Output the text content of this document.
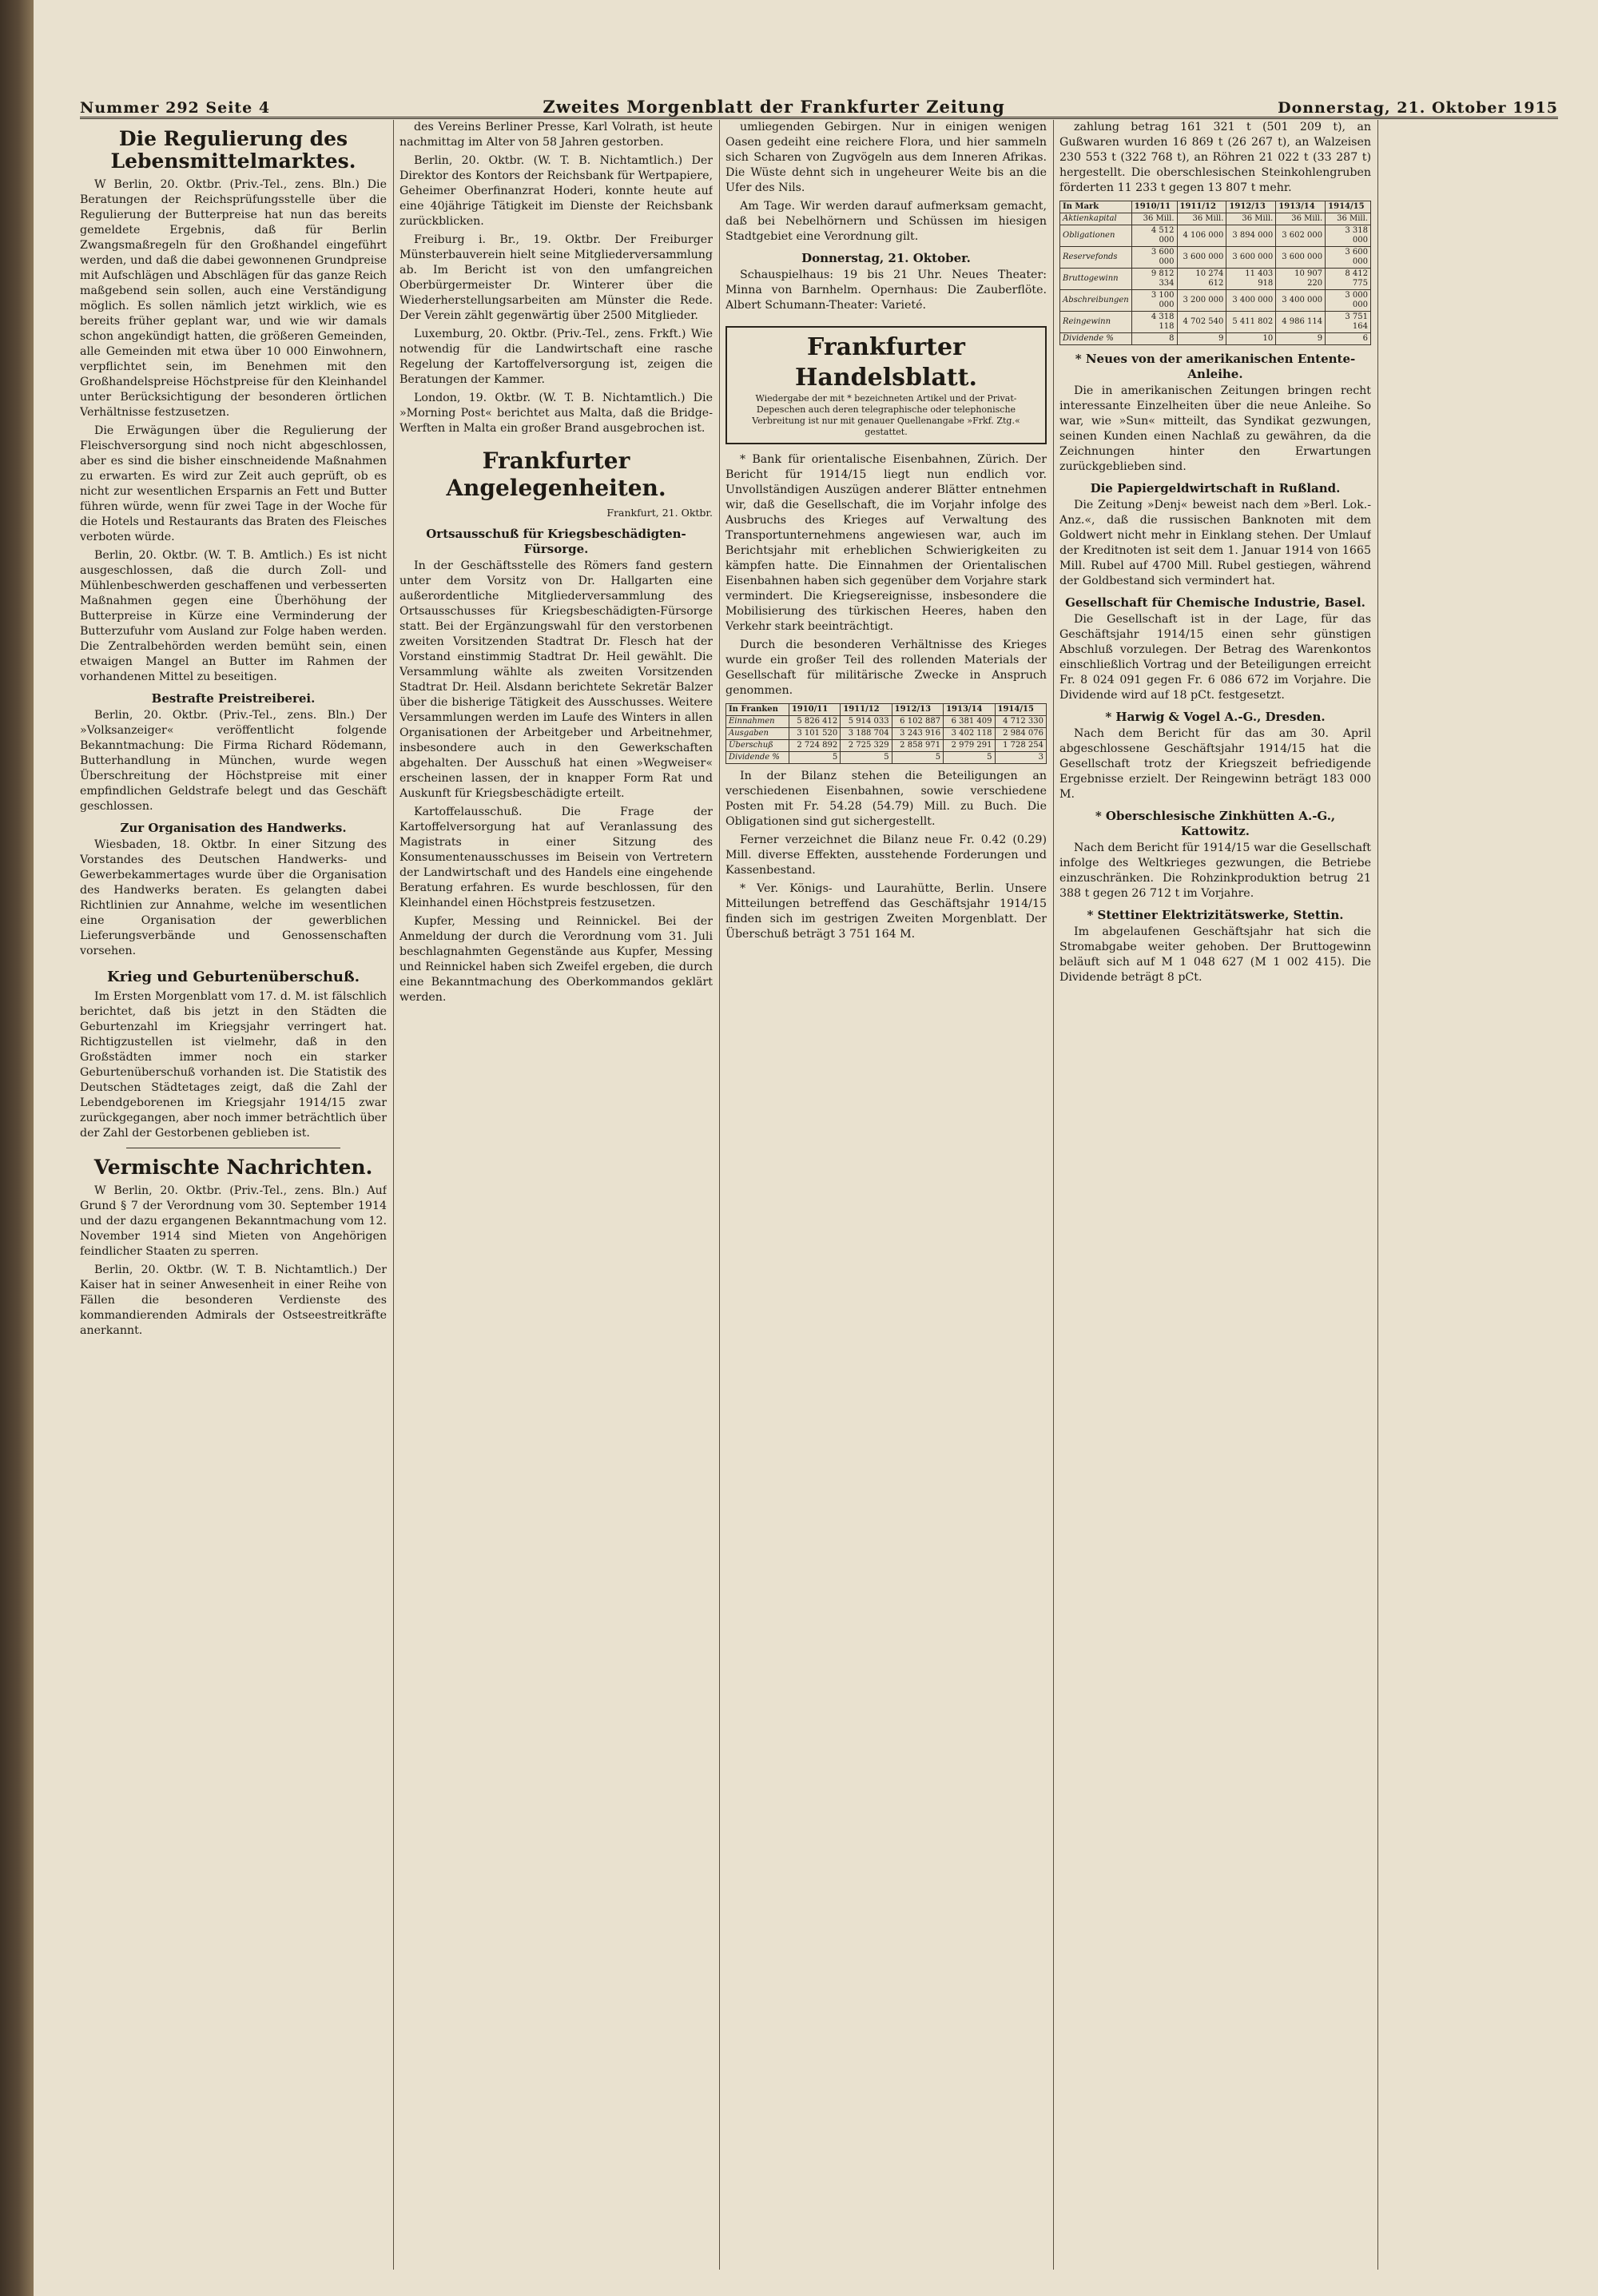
Nummer 292 Seite 4	Zweites Morgenblatt der Frankfurter Zeitung	Donnerstag, 21. Oktober 1915
Die Regulierung des Lebensmittelmarktes.

W Berlin, 20. Oktbr. (Priv.-Tel., zens. Bln.) Die Beratungen der Reichsprüfungsstelle über die Regulierung der Butterpreise hat nun das bereits gemeldete Ergebnis, daß für Berlin Zwangsmaßregeln für den Großhandel eingeführt werden, und daß die dabei gewonnenen Grundpreise mit Aufschlägen und Abschlägen für das ganze Reich maßgebend sein sollen, auch eine Verständigung möglich. Es sollen nämlich jetzt wirklich, wie es bereits früher geplant war, und wie wir damals schon angekündigt hatten, die größeren Gemeinden, alle Gemeinden mit etwa über 10 000 Einwohnern, verpflichtet sein, im Benehmen mit den Großhandelspreise Höchstpreise für den Kleinhandel unter Berücksichtigung der besonderen örtlichen Verhältnisse festzusetzen.

Die Erwägungen über die Regulierung der Fleischversorgung sind noch nicht abgeschlossen, aber es sind die bisher einschneidende Maßnahmen zu erwarten. Es wird zur Zeit auch geprüft, ob es nicht zur wesentlichen Ersparnis an Fett und Butter führen würde, wenn für zwei Tage in der Woche für die Hotels und Restaurants das Braten des Fleisches verboten würde.

Berlin, 20. Oktbr. (W. T. B. Amtlich.) Es ist nicht ausgeschlossen, daß die durch Zoll- und Mühlenbeschwerden geschaffenen und verbesserten Maßnahmen gegen eine Überhöhung der Butterpreise in Kürze eine Verminderung der Butterzufuhr vom Ausland zur Folge haben werden. Die Zentralbehörden werden bemüht sein, einen etwaigen Mangel an Butter im Rahmen der vorhandenen Mittel zu beseitigen.

Bestrafte Preistreiberei.

Berlin, 20. Oktbr. (Priv.-Tel., zens. Bln.) Der »Volksanzeiger« veröffentlicht folgende Bekanntmachung: Die Firma Richard Rödemann, Butterhandlung in München, wurde wegen Überschreitung der Höchstpreise mit einer empfindlichen Geldstrafe belegt und das Geschäft geschlossen.

Zur Organisation des Handwerks.

Wiesbaden, 18. Oktbr. In einer Sitzung des Vorstandes des Deutschen Handwerks- und Gewerbekammertages wurde über die Organisation des Handwerks beraten. Es gelangten dabei Richtlinien zur Annahme, welche im wesentlichen eine Organisation der gewerblichen Lieferungsverbände und Genossenschaften vorsehen.

Krieg und Geburtenüberschuß.

Im Ersten Morgenblatt vom 17. d. M. ist fälschlich berichtet, daß bis jetzt in den Städten die Geburtenzahl im Kriegsjahr verringert hat. Richtigzustellen ist vielmehr, daß in den Großstädten immer noch ein starker Geburtenüberschuß vorhanden ist. Die Statistik des Deutschen Städtetages zeigt, daß die Zahl der Lebendgeborenen im Kriegsjahr 1914/15 zwar zurückgegangen, aber noch immer beträchtlich über der Zahl der Gestorbenen geblieben ist.

Vermischte Nachrichten.

W Berlin, 20. Oktbr. (Priv.-Tel., zens. Bln.) Auf Grund § 7 der Verordnung vom 30. September 1914 und der dazu ergangenen Bekanntmachung vom 12. November 1914 sind Mieten von Angehörigen feindlicher Staaten zu sperren.

Berlin, 20. Oktbr. (W. T. B. Nichtamtlich.) Der Kaiser hat in seiner Anwesenheit in einer Reihe von Fällen die besonderen Verdienste des kommandierenden Admirals der Ostseestreitkräfte anerkannt.

des Vereins Berliner Presse, Karl Volrath, ist heute nachmittag im Alter von 58 Jahren gestorben.

Berlin, 20. Oktbr. (W. T. B. Nichtamtlich.) Der Direktor des Kontors der Reichsbank für Wertpapiere, Geheimer Oberfinanzrat Hoderi, konnte heute auf eine 40jährige Tätigkeit im Dienste der Reichsbank zurückblicken.

Freiburg i. Br., 19. Oktbr. Der Freiburger Münsterbauverein hielt seine Mitgliederversammlung ab. Im Bericht ist von den umfangreichen Oberbürgermeister Dr. Winterer über die Wiederherstellungsarbeiten am Münster die Rede. Der Verein zählt gegenwärtig über 2500 Mitglieder.

Luxemburg, 20. Oktbr. (Priv.-Tel., zens. Frkft.) Wie notwendig für die Landwirtschaft eine rasche Regelung der Kartoffelversorgung ist, zeigen die Beratungen der Kammer.

London, 19. Oktbr. (W. T. B. Nichtamtlich.) Die »Morning Post« berichtet aus Malta, daß die Bridge-Werften in Malta ein großer Brand ausgebrochen ist.

Frankfurter Angelegenheiten.
Frankfurt, 21. Oktbr.
Ortsausschuß für Kriegsbeschädigten-Fürsorge.

In der Geschäftsstelle des Römers fand gestern unter dem Vorsitz von Dr. Hallgarten eine außerordentliche Mitgliederversammlung des Ortsausschusses für Kriegsbeschädigten-Fürsorge statt. Bei der Ergänzungswahl für den verstorbenen zweiten Vorsitzenden Stadtrat Dr. Flesch hat der Vorstand einstimmig Stadtrat Dr. Heil gewählt. Die Versammlung wählte als zweiten Vorsitzenden Stadtrat Dr. Heil. Alsdann berichtete Sekretär Balzer über die bisherige Tätigkeit des Ausschusses. Weitere Versammlungen werden im Laufe des Winters in allen Organisationen der Arbeitgeber und Arbeitnehmer, insbesondere auch in den Gewerkschaften abgehalten. Der Ausschuß hat einen »Wegweiser« erscheinen lassen, der in knapper Form Rat und Auskunft für Kriegsbeschädigte erteilt.

Kartoffelausschuß. Die Frage der Kartoffelversorgung hat auf Veranlassung des Magistrats in einer Sitzung des Konsumentenausschusses im Beisein von Vertretern der Landwirtschaft und des Handels eine eingehende Beratung erfahren. Es wurde beschlossen, für den Kleinhandel einen Höchstpreis festzusetzen.

Kupfer, Messing und Reinnickel. Bei der Anmeldung der durch die Verordnung vom 31. Juli beschlagnahmten Gegenstände aus Kupfer, Messing und Reinnickel haben sich Zweifel ergeben, die durch eine Bekanntmachung des Oberkommandos geklärt werden.

umliegenden Gebirgen. Nur in einigen wenigen Oasen gedeiht eine reichere Flora, und hier sammeln sich Scharen von Zugvögeln aus dem Inneren Afrikas. Die Wüste dehnt sich in ungeheurer Weite bis an die Ufer des Nils.

Am Tage. Wir werden darauf aufmerksam gemacht, daß bei Nebelhörnern und Schüssen im hiesigen Stadtgebiet eine Verordnung gilt.

Donnerstag, 21. Oktober.

Schauspielhaus: 19 bis 21 Uhr. Neues Theater: Minna von Barnhelm. Opernhaus: Die Zauberflöte. Albert Schumann-Theater: Varieté.

Frankfurter Handelsblatt.
Wiedergabe der mit * bezeichneten Artikel und der Privat-Depeschen auch deren telegraphische oder telephonische Verbreitung ist nur mit genauer Quellenangabe »Frkf. Ztg.« gestattet.

* Bank für orientalische Eisenbahnen, Zürich. Der Bericht für 1914/15 liegt nun endlich vor. Unvollständigen Auszügen anderer Blätter entnehmen wir, daß die Gesellschaft, die im Vorjahr infolge des Ausbruchs des Krieges auf Verwaltung des Transportunternehmens angewiesen war, auch im Berichtsjahr mit erheblichen Schwierigkeiten zu kämpfen hatte. Die Einnahmen der Orientalischen Eisenbahnen haben sich gegenüber dem Vorjahre stark vermindert. Die Kriegsereignisse, insbesondere die Mobilisierung des türkischen Heeres, haben den Verkehr stark beeinträchtigt.

Durch die besonderen Verhältnisse des Krieges wurde ein großer Teil des rollenden Materials der Gesellschaft für militärische Zwecke in Anspruch genommen.

In Franken	1910/11	1911/12	1912/13	1913/14	1914/15
Einnahmen	5 826 412	5 914 033	6 102 887	6 381 409	4 712 330
Ausgaben	3 101 520	3 188 704	3 243 916	3 402 118	2 984 076
Überschuß	2 724 892	2 725 329	2 858 971	2 979 291	1 728 254
Dividende %	5	5	5	5	3

In der Bilanz stehen die Beteiligungen an verschiedenen Eisenbahnen, sowie verschiedene Posten mit Fr. 54.28 (54.79) Mill. zu Buch. Die Obligationen sind gut sichergestellt.

Ferner verzeichnet die Bilanz neue Fr. 0.42 (0.29) Mill. diverse Effekten, ausstehende Forderungen und Kassenbestand.

* Ver. Königs- und Laurahütte, Berlin. Unsere Mitteilungen betreffend das Geschäftsjahr 1914/15 finden sich im gestrigen Zweiten Morgenblatt. Der Überschuß beträgt 3 751 164 M.

zahlung betrag 161 321 t (501 209 t), an Gußwaren wurden 16 869 t (26 267 t), an Walzeisen 230 553 t (322 768 t), an Röhren 21 022 t (33 287 t) hergestellt. Die oberschlesischen Steinkohlengruben förderten 11 233 t gegen 13 807 t mehr.

In Mark	1910/11	1911/12	1912/13	1913/14	1914/15
Aktienkapital	36 Mill.	36 Mill.	36 Mill.	36 Mill.	36 Mill.
Obligationen	4 512 000	4 106 000	3 894 000	3 602 000	3 318 000
Reservefonds	3 600 000	3 600 000	3 600 000	3 600 000	3 600 000
Bruttogewinn	9 812 334	10 274 612	11 403 918	10 907 220	8 412 775
Abschreibungen	3 100 000	3 200 000	3 400 000	3 400 000	3 000 000
Reingewinn	4 318 118	4 702 540	5 411 802	4 986 114	3 751 164
Dividende %	8	9	10	9	6
* Neues von der amerikanischen Entente-Anleihe.

Die in amerikanischen Zeitungen bringen recht interessante Einzelheiten über die neue Anleihe. So war, wie »Sun« mitteilt, das Syndikat gezwungen, seinen Kunden einen Nachlaß zu gewähren, da die Zeichnungen hinter den Erwartungen zurückgeblieben sind.

Die Papiergeldwirtschaft in Rußland.

Die Zeitung »Denj« beweist nach dem »Berl. Lok.-Anz.«, daß die russischen Banknoten mit dem Goldwert nicht mehr in Einklang stehen. Der Umlauf der Kreditnoten ist seit dem 1. Januar 1914 von 1665 Mill. Rubel auf 4700 Mill. Rubel gestiegen, während der Goldbestand sich vermindert hat.

Gesellschaft für Chemische Industrie, Basel.

Die Gesellschaft ist in der Lage, für das Geschäftsjahr 1914/15 einen sehr günstigen Abschluß vorzulegen. Der Betrag des Warenkontos einschließlich Vortrag und der Beteiligungen erreicht Fr. 8 024 091 gegen Fr. 6 086 672 im Vorjahre. Die Dividende wird auf 18 pCt. festgesetzt.

* Harwig & Vogel A.-G., Dresden.

Nach dem Bericht für das am 30. April abgeschlossene Geschäftsjahr 1914/15 hat die Gesellschaft trotz der Kriegszeit befriedigende Ergebnisse erzielt. Der Reingewinn beträgt 183 000 M.

* Oberschlesische Zinkhütten A.-G., Kattowitz.

Nach dem Bericht für 1914/15 war die Gesellschaft infolge des Weltkrieges gezwungen, die Betriebe einzuschränken. Die Rohzinkproduktion betrug 21 388 t gegen 26 712 t im Vorjahre.

* Stettiner Elektrizitätswerke, Stettin.

Im abgelaufenen Geschäftsjahr hat sich die Stromabgabe weiter gehoben. Der Bruttogewinn beläuft sich auf M 1 048 627 (M 1 002 415). Die Dividende beträgt 8 pCt.
